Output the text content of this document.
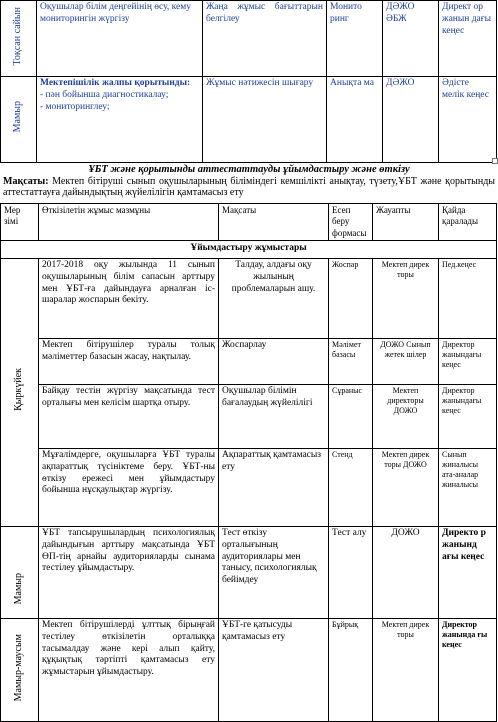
Тоқсан сайын	Оқушылар білім деңгейінің өсу, кему мониторингін жүргізу	Жаңа жұмыс бағыттарын белгілеу	Монито ринг	ДӘЖО ӘБЖ	Директ ор жанын дағы кеңес
Мамыр	Мектепішілік жалпы қорытынды:
- пән бойынша диагностикалау;
- мониторинглеу;	Жұмыс нәтижесін шығару	Анықта ма	ДӘЖО	Әдісте мелік кеңес
ҰБТ және қорытынды аттестаттауды ұйымдастыру және өткізу
Мақсаты: Мектеп бітіруші сынып оқушыларының біліміндегі кемшілікті анықтау, түзету,ҰБТ және қорытынды аттестаттауға дайындықтың жүйелілігін қамтамасыз ету
Мер зімі	Өткізілетін жұмыс мазмұны	Мақсаты	Есеп беру формасы	Жауапты	Қайда қаралады
Ұйымдастыру жұмыстары					
Қыркүйек	2017-2018 оқу жылында 11 сынып оқушыларының білім сапасын арттыру мен ҰБТ-ға дайындауға арналған іс-шаралар жоспарын бекіту.	Талдау, алдағы оқу жылының проблемаларын ашу.	Жоспар	Мектеп дирек торы	Пед.кеңес
	Мектеп бітірушілер туралы толық мәліметтер базасын жасау, нақтылау.	Жоспарлау	Мәлімет базасы	ДОЖО Сынып жетек шілер	Директор жанындағы кеңес
	Байқау тестін жүргізу мақсатында тест орталығы мен келісім шартқа отыру.	Оқушылар білімін бағалаудың жүйелілігі	Сұраныс	Мектеп директоры ДОЖО	Директор жанындағы кеңес
	Мұғалімдерге, оқушыларға ҰБТ туралы ақпараттық түсініктеме беру. ҰБТ-ны өткізу ережесі мен ұйымдастыру бойынша нұсқаулықтар жүргізу.	Ақпараттық қамтамасыз ету	Стенд	Мектеп дирек торы ДОЖО	Сынып жиналысы ата-аналар жиналысы
Мамыр	ҰБТ тапсырушылардың психологиялық дайындығын арттыру мақсатында ҰБТ ӨП-тің арнайы аудиторияларды сынама тестілеу ұйымдастыру.	Тест өткізу орталығының аудиториялары мен танысу, психологиялық бейімдеу	Тест алу	ДОЖО	Директо р жанынд ағы кеңес
Мамыр-маусым	Мектеп бітірушілерді ұлттық бірыңғай тестілеу өткізілетін орталыққа тасымалдау және кері алып қайту, құқықтық тәртіпті қамтамасыз ету жұмыстарын ұйымдастыру.	ҰБТ-ге қатысуды қамтамасыз ету	Бұйрық	Мектеп дирек торы	Директор жанында ғы кеңес
